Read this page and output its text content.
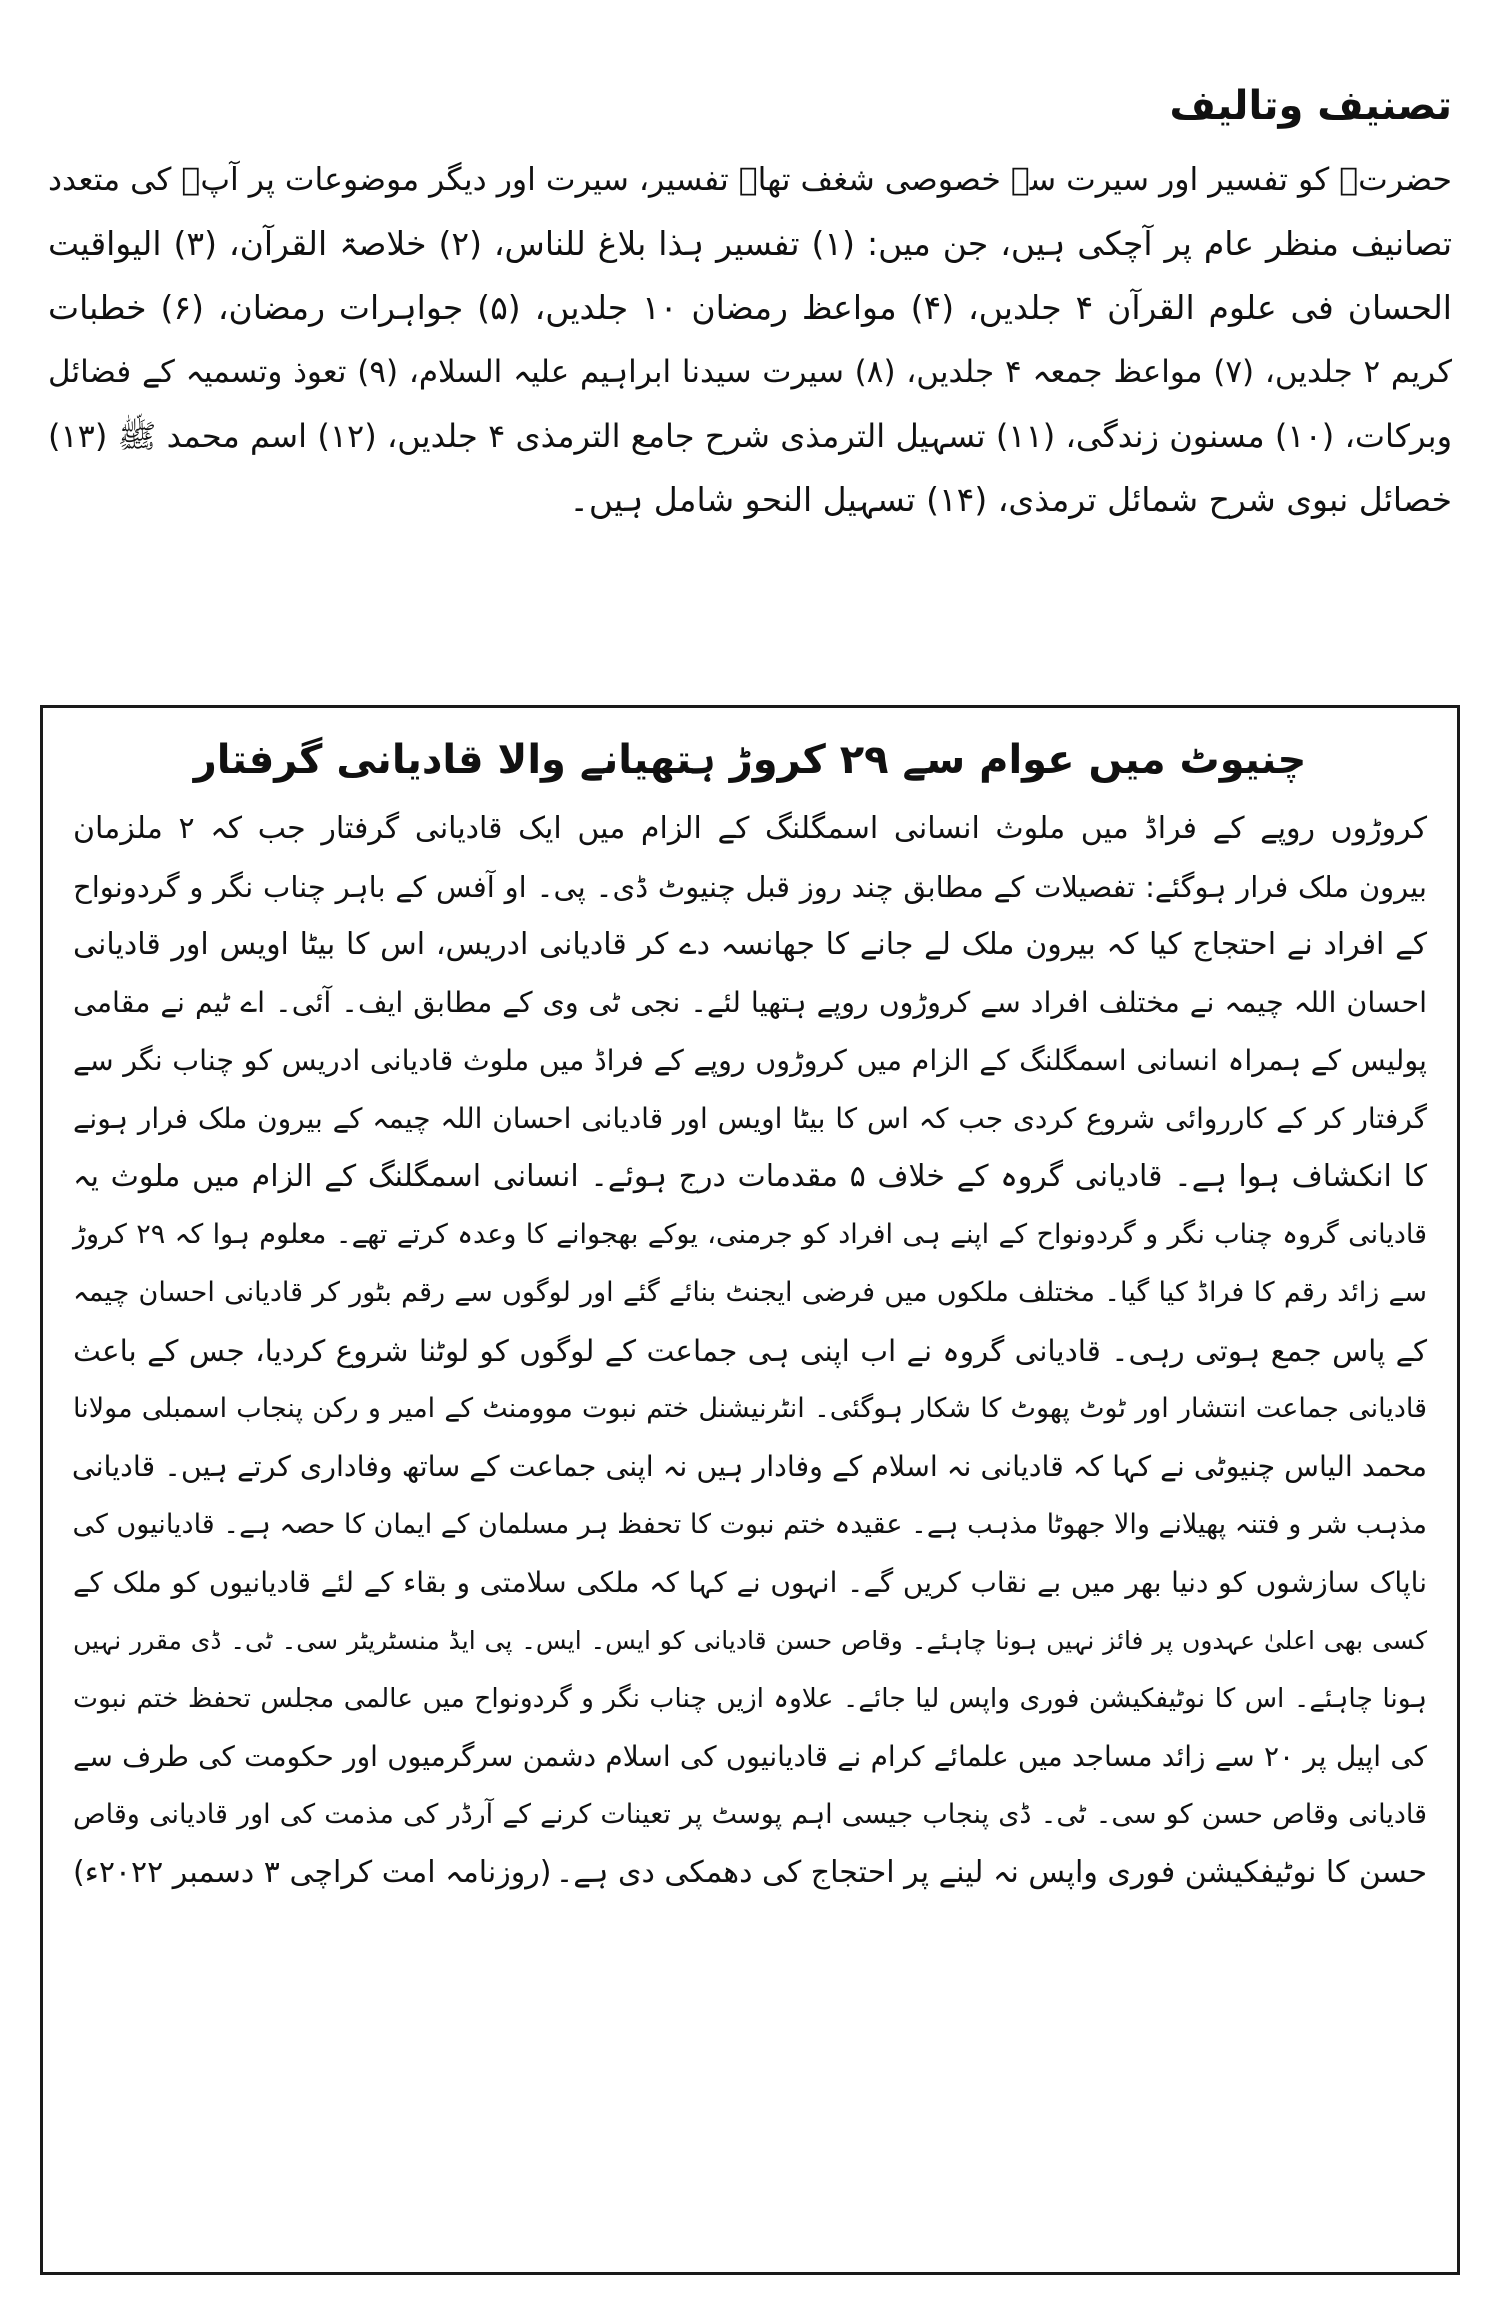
تصنیف وتالیف
حضرتؒ کو تفسیر اور سیرت سے خصوصی شغف تھا۔ تفسیر، سیرت اور دیگر موضوعات پر آپؒ کی متعدد
تصانیف منظر عام پر آچکی ہیں، جن میں: (۱) تفسیر ہذا بلاغ للناس، (۲) خلاصۃ القرآن، (۳) الیواقیت
الحسان فی علوم القرآن ۴ جلدیں، (۴) مواعظ رمضان ۱۰ جلدیں، (۵) جواہرات رمضان، (۶) خطبات
کریم ۲ جلدیں، (۷) مواعظ جمعہ ۴ جلدیں، (۸) سیرت سیدنا ابراہیم علیہ السلام، (۹) تعوذ وتسمیہ کے فضائل
وبرکات، (۱۰) مسنون زندگی، (۱۱) تسہیل الترمذی شرح جامع الترمذی ۴ جلدیں، (۱۲) اسم محمد ﷺ (۱۳)
خصائل نبوی شرح شمائل ترمذی، (۱۴) تسہیل النحو شامل ہیں۔
چنیوٹ میں عوام سے ۲۹ کروڑ ہتھیانے والا قادیانی گرفتار
کروڑوں روپے کے فراڈ میں ملوث انسانی اسمگلنگ کے الزام میں ایک قادیانی گرفتار جب کہ ۲ ملزمان
بیرون ملک فرار ہوگئے: تفصیلات کے مطابق چند روز قبل چنیوٹ ڈی۔ پی۔ او آفس کے باہر چناب نگر و گردونواح
کے افراد نے احتجاج کیا کہ بیرون ملک لے جانے کا جھانسہ دے کر قادیانی ادریس، اس کا بیٹا اویس اور قادیانی
احسان اللہ چیمہ نے مختلف افراد سے کروڑوں روپے ہتھیا لئے۔ نجی ٹی وی کے مطابق ایف۔ آئی۔ اے ٹیم نے مقامی
پولیس کے ہمراہ انسانی اسمگلنگ کے الزام میں کروڑوں روپے کے فراڈ میں ملوث قادیانی ادریس کو چناب نگر سے
گرفتار کر کے کارروائی شروع کردی جب کہ اس کا بیٹا اویس اور قادیانی احسان اللہ چیمہ کے بیرون ملک فرار ہونے
کا انکشاف ہوا ہے۔ قادیانی گروہ کے خلاف ۵ مقدمات درج ہوئے۔ انسانی اسمگلنگ کے الزام میں ملوث یہ
قادیانی گروہ چناب نگر و گردونواح کے اپنے ہی افراد کو جرمنی، یوکے بھجوانے کا وعدہ کرتے تھے۔ معلوم ہوا کہ ۲۹ کروڑ
سے زائد رقم کا فراڈ کیا گیا۔ مختلف ملکوں میں فرضی ایجنٹ بنائے گئے اور لوگوں سے رقم بٹور کر قادیانی احسان چیمہ
کے پاس جمع ہوتی رہی۔ قادیانی گروہ نے اب اپنی ہی جماعت کے لوگوں کو لوٹنا شروع کردیا، جس کے باعث
قادیانی جماعت انتشار اور ٹوٹ پھوٹ کا شکار ہوگئی۔ انٹرنیشنل ختم نبوت موومنٹ کے امیر و رکن پنجاب اسمبلی مولانا
محمد الیاس چنیوٹی نے کہا کہ قادیانی نہ اسلام کے وفادار ہیں نہ اپنی جماعت کے ساتھ وفاداری کرتے ہیں۔ قادیانی
مذہب شر و فتنہ پھیلانے والا جھوٹا مذہب ہے۔ عقیدہ ختم نبوت کا تحفظ ہر مسلمان کے ایمان کا حصہ ہے۔ قادیانیوں کی
ناپاک سازشوں کو دنیا بھر میں بے نقاب کریں گے۔ انہوں نے کہا کہ ملکی سلامتی و بقاء کے لئے قادیانیوں کو ملک کے
کسی بھی اعلیٰ عہدوں پر فائز نہیں ہونا چاہئے۔ وقاص حسن قادیانی کو ایس۔ ایس۔ پی ایڈ منسٹریٹر سی۔ ٹی۔ ڈی مقرر نہیں
ہونا چاہئے۔ اس کا نوٹیفکیشن فوری واپس لیا جائے۔ علاوہ ازیں چناب نگر و گردونواح میں عالمی مجلس تحفظ ختم نبوت
کی اپیل پر ۲۰ سے زائد مساجد میں علمائے کرام نے قادیانیوں کی اسلام دشمن سرگرمیوں اور حکومت کی طرف سے
قادیانی وقاص حسن کو سی۔ ٹی۔ ڈی پنجاب جیسی اہم پوسٹ پر تعینات کرنے کے آرڈر کی مذمت کی اور قادیانی وقاص
حسن کا نوٹیفکیشن فوری واپس نہ لینے پر احتجاج کی دھمکی دی ہے۔
(روزنامہ امت کراچی ۳ دسمبر ۲۰۲۲ء)
